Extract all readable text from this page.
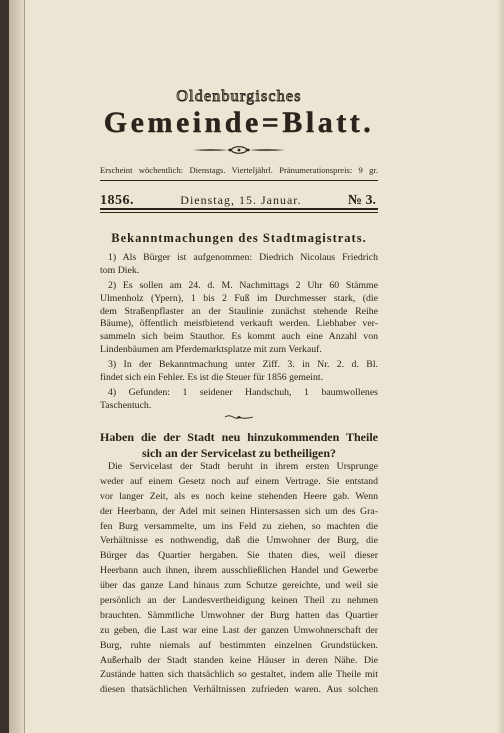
Oldenburgisches
Gemeinde=Blatt.
Erscheint wöchentlich: Dienstags. Vierteljährl. Pränumerationspreis: 9 gr.
1856.	Dienstag, 15. Januar.	№ 3.
Bekanntmachungen des Stadtmagistrats.
1) Als Bürger ist aufgenommen: Diedrich Nicolaus Friedrich
tom Diek.
2) Es sollen am 24. d. M. Nachmittags 2 Uhr 60 Stämme
Ulmenholz (Ypern), 1 bis 2 Fuß im Durchmesser stark, (die
dem Straßenpflaster an der Staulinie zunächst stehende Reihe
Bäume), öffentlich meistbietend verkauft werden. Liebhaber ver-
sammeln sich beim Stauthor. Es kommt auch eine Anzahl von
Lindenbäumen am Pferdemarktsplatze mit zum Verkauf.
3) In der Bekanntmachung unter Ziff. 3. in Nr. 2. d. Bl.
findet sich ein Fehler. Es ist die Steuer für 1856 gemeint.
4) Gefunden: 1 seidener Handschuh, 1 baumwollenes
Taschentuch.
Haben die der Stadt neu hinzukommenden Theile
sich an der Servicelast zu betheiligen?
Die Servicelast der Stadt beruht in ihrem ersten Ursprunge
weder auf einem Gesetz noch auf einem Vertrage. Sie entstand
vor langer Zeit, als es noch keine stehenden Heere gab. Wenn
der Heerbann, der Adel mit seinen Hintersassen sich um des Gra-
fen Burg versammelte, um ins Feld zu ziehen, so machten die
Verhältnisse es nothwendig, daß die Umwohner der Burg, die
Bürger das Quartier hergaben. Sie thaten dies, weil dieser
Heerbann auch ihnen, ihrem ausschließlichen Handel und Gewerbe
über das ganze Land hinaus zum Schutze gereichte, und weil sie
persönlich an der Landesvertheidigung keinen Theil zu nehmen
brauchten. Sämmtliche Umwohner der Burg hatten das Quartier
zu geben, die Last war eine Last der ganzen Umwohnerschaft der
Burg, ruhte niemals auf bestimmten einzelnen Grundstücken.
Außerhalb der Stadt standen keine Häuser in deren Nähe. Die
Zustände hatten sich thatsächlich so gestaltet, indem alle Theile mit
diesen thatsächlichen Verhältnissen zufrieden waren. Aus solchen
